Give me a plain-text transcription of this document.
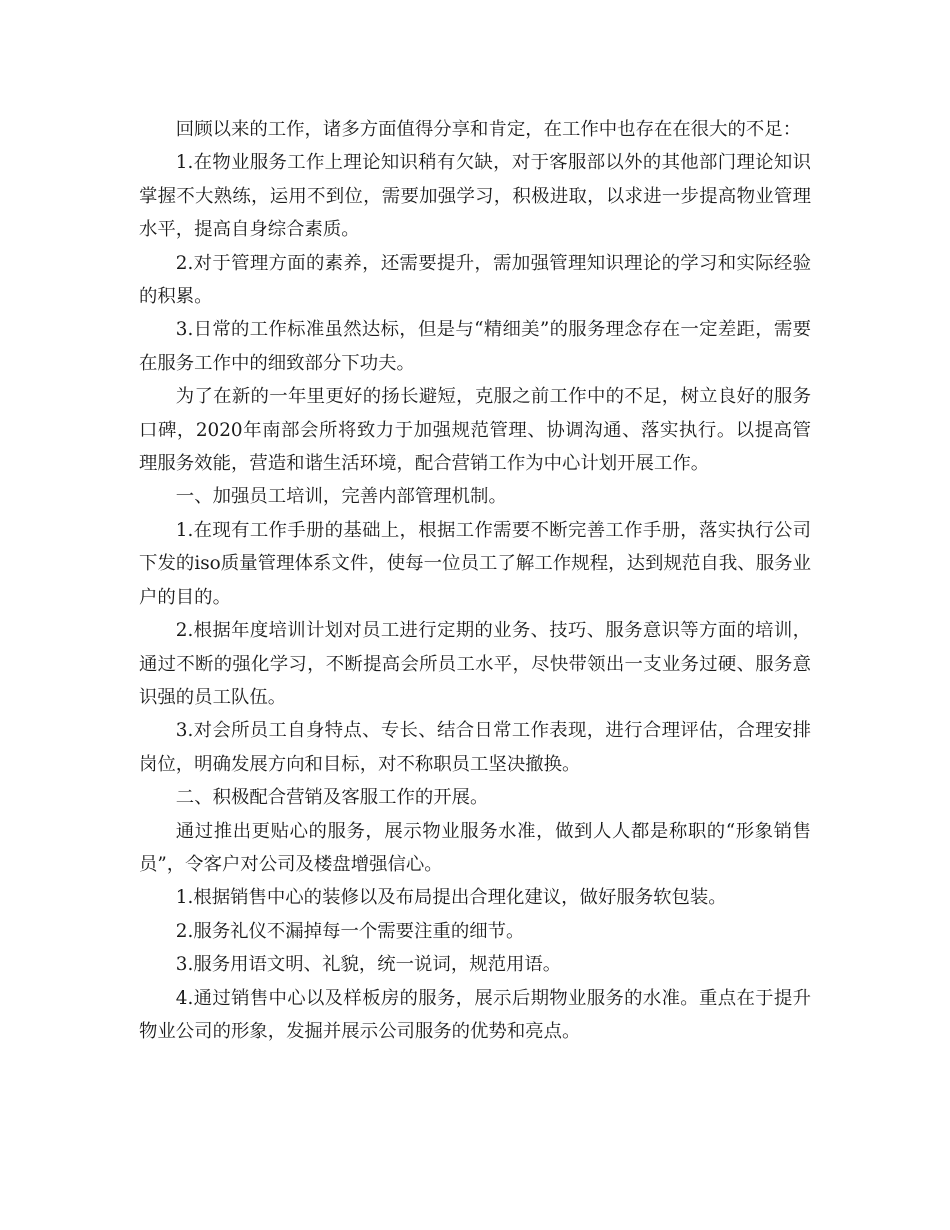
回顾以来的工作，诸多方面值得分享和肯定，在工作中也存在在很大的不足：

1.在物业服务工作上理论知识稍有欠缺，对于客服部以外的其他部门理论知识掌握不大熟练，运用不到位，需要加强学习，积极进取，以求进一步提高物业管理水平，提高自身综合素质。

2.对于管理方面的素养，还需要提升，需加强管理知识理论的学习和实际经验的积累。

3.日常的工作标准虽然达标，但是与“精细美”的服务理念存在一定差距，需要在服务工作中的细致部分下功夫。

为了在新的一年里更好的扬长避短，克服之前工作中的不足，树立良好的服务口碑，2020年南部会所将致力于加强规范管理、协调沟通、落实执行。以提高管理服务效能，营造和谐生活环境，配合营销工作为中心计划开展工作。

一、加强员工培训，完善内部管理机制。

1.在现有工作手册的基础上，根据工作需要不断完善工作手册，落实执行公司下发的iso质量管理体系文件，使每一位员工了解工作规程，达到规范自我、服务业户的目的。

2.根据年度培训计划对员工进行定期的业务、技巧、服务意识等方面的培训，通过不断的强化学习，不断提高会所员工水平，尽快带领出一支业务过硬、服务意识强的员工队伍。

3.对会所员工自身特点、专长、结合日常工作表现，进行合理评估，合理安排岗位，明确发展方向和目标，对不称职员工坚决撤换。

二、积极配合营销及客服工作的开展。

通过推出更贴心的服务，展示物业服务水准，做到人人都是称职的“形象销售员”，令客户对公司及楼盘增强信心。

1.根据销售中心的装修以及布局提出合理化建议，做好服务软包装。

2.服务礼仪不漏掉每一个需要注重的细节。

3.服务用语文明、礼貌，统一说词，规范用语。

4.通过销售中心以及样板房的服务，展示后期物业服务的水准。重点在于提升物业公司的形象，发掘并展示公司服务的优势和亮点。
